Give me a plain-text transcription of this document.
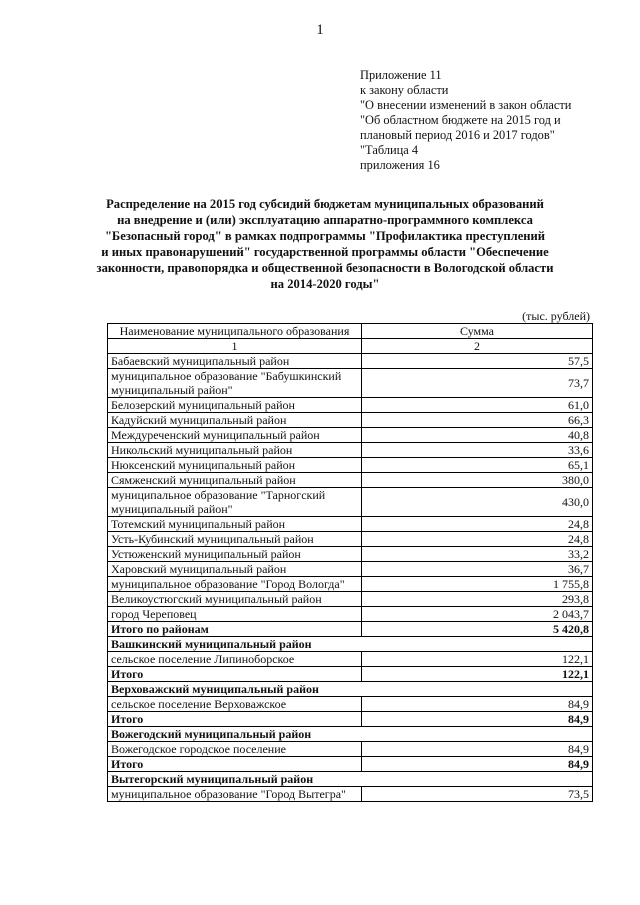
1
Приложение 11
к закону области
"О внесении изменений в закон области
"Об областном бюджете на 2015 год и
плановый период 2016 и 2017 годов"
"Таблица 4
приложения 16
Распределение на 2015 год субсидий бюджетам муниципальных образований
на внедрение и (или) эксплуатацию аппаратно-программного комплекса
"Безопасный город" в рамках подпрограммы "Профилактика преступлений
и иных правонарушений" государственной программы области "Обеспечение
законности, правопорядка и общественной безопасности в Вологодской области
на 2014-2020 годы"
(тыс. рублей)
Наименование муниципального образования	Сумма
1	2
Бабаевский муниципальный район	57,5
муниципальное образование "Бабушкинский муниципальный район"	73,7
Белозерский муниципальный район	61,0
Кадуйский муниципальный район	66,3
Междуреченский муниципальный район	40,8
Никольский муниципальный район	33,6
Нюксенский муниципальный район	65,1
Сямженский муниципальный район	380,0
муниципальное образование "Тарногский муниципальный район"	430,0
Тотемский муниципальный район	24,8
Усть-Кубинский муниципальный район	24,8
Устюженский муниципальный район	33,2
Харовский муниципальный район	36,7
муниципальное образование "Город Вологда"	1 755,8
Великоустюгский муниципальный район	293,8
город Череповец	2 043,7
Итого по районам	5 420,8
Вашкинский муниципальный район	
сельское поселение Липиноборское	122,1
Итого	122,1
Верховажский муниципальный район	
сельское поселение Верховажское	84,9
Итого	84,9
Вожегодский муниципальный район	
Вожегодское городское поселение	84,9
Итого	84,9
Вытегорский муниципальный район	
муниципальное образование "Город Вытегра"	73,5
